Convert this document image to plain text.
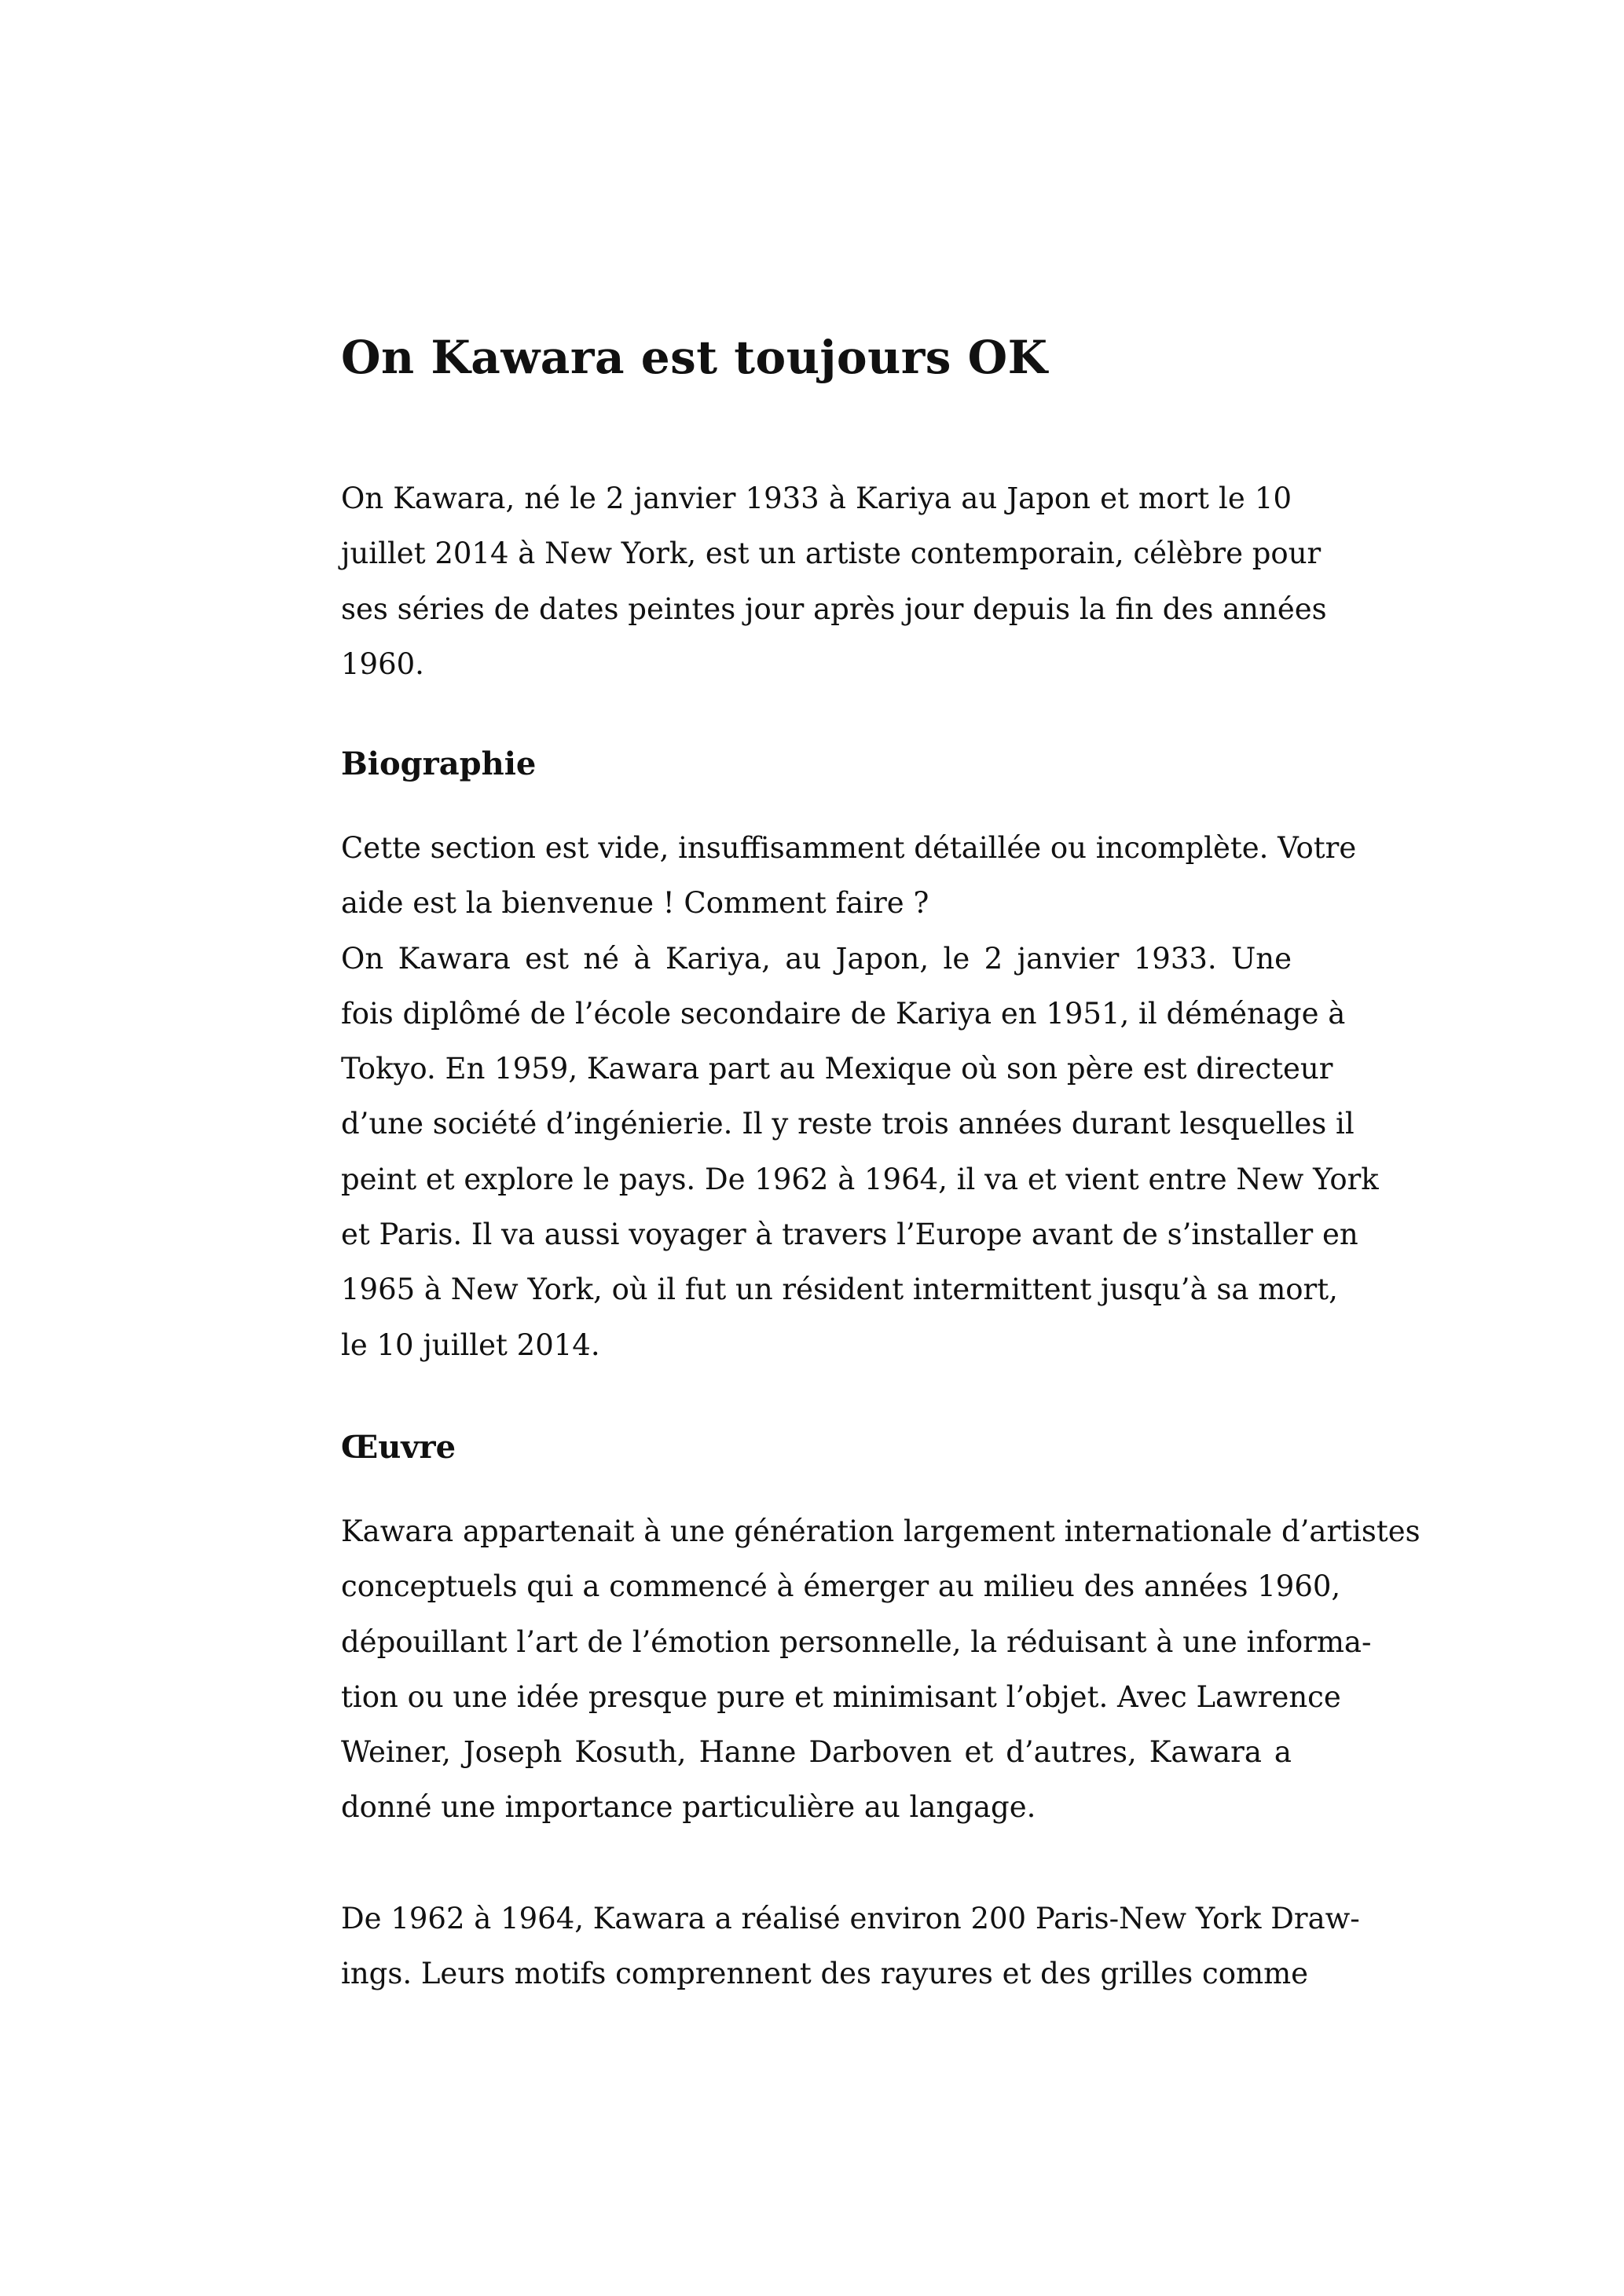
On Kawara est toujours OK

On Kawara, né le 2 janvier 1933 à Kariya au Japon et mort le 10
juillet 2014 à New York, est un artiste contemporain, célèbre pour
ses séries de dates peintes jour après jour depuis la fin des années
1960.

Biographie

Cette section est vide, insuffisamment détaillée ou incomplète. Votre
aide est la bienvenue ! Comment faire ?

On Kawara est né à Kariya, au Japon, le 2 janvier 1933. Une
fois diplômé de l’école secondaire de Kariya en 1951, il déménage à
Tokyo. En 1959, Kawara part au Mexique où son père est directeur
d’une société d’ingénierie. Il y reste trois années durant lesquelles il
peint et explore le pays. De 1962 à 1964, il va et vient entre New York
et Paris. Il va aussi voyager à travers l’Europe avant de s’installer en
1965 à New York, où il fut un résident intermittent jusqu’à sa mort,
le 10 juillet 2014.

Œuvre

Kawara appartenait à une génération largement internationale d’artistes
conceptuels qui a commencé à émerger au milieu des années 1960,
dépouillant l’art de l’émotion personnelle, la réduisant à une informa-
tion ou une idée presque pure et minimisant l’objet. Avec Lawrence
Weiner, Joseph Kosuth, Hanne Darboven et d’autres, Kawara a
donné une importance particulière au langage.

De 1962 à 1964, Kawara a réalisé environ 200 Paris-New York Draw-
ings. Leurs motifs comprennent des rayures et des grilles comme
